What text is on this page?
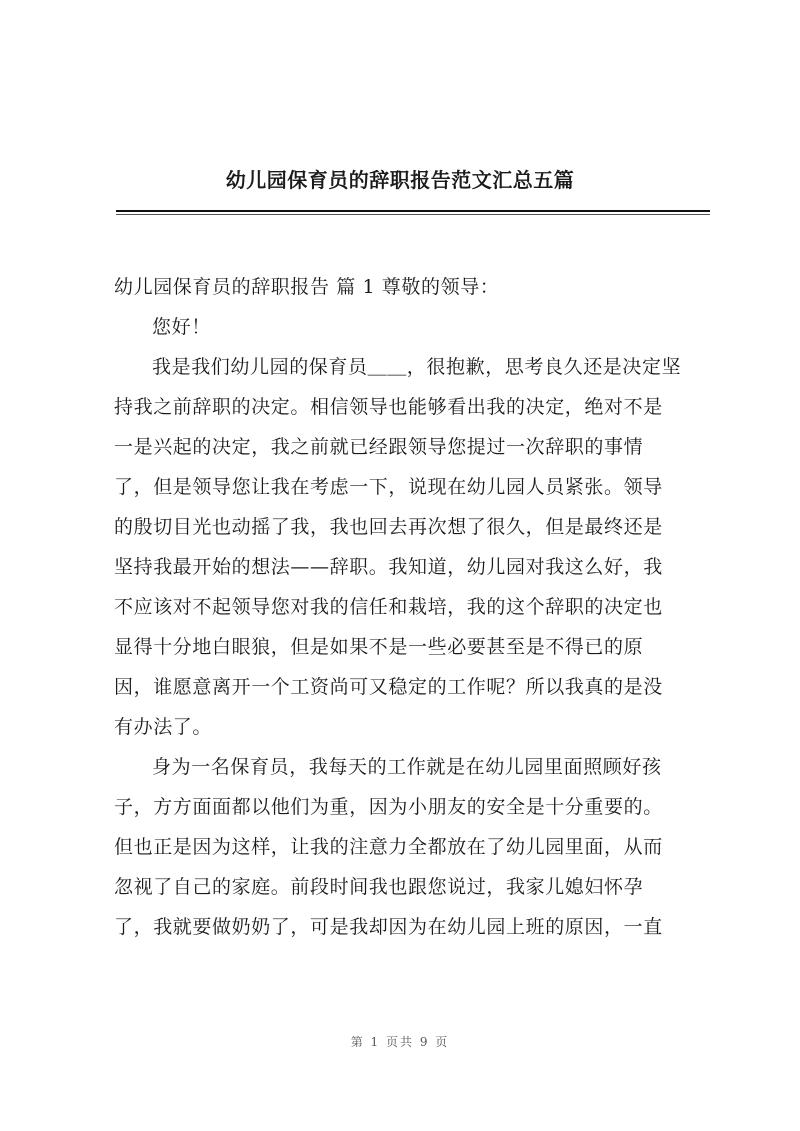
幼儿园保育员的辞职报告范文汇总五篇
幼儿园保育员的辞职报告 篇 1 尊敬的领导：
您好！
我是我们幼儿园的保育员＿＿，很抱歉，思考良久还是决定坚
持我之前辞职的决定。相信领导也能够看出我的决定，绝对不是
一是兴起的决定，我之前就已经跟领导您提过一次辞职的事情
了，但是领导您让我在考虑一下，说现在幼儿园人员紧张。领导
的殷切目光也动摇了我，我也回去再次想了很久，但是最终还是
坚持我最开始的想法——辞职。我知道，幼儿园对我这么好，我
不应该对不起领导您对我的信任和栽培，我的这个辞职的决定也
显得十分地白眼狼，但是如果不是一些必要甚至是不得已的原
因，谁愿意离开一个工资尚可又稳定的工作呢？所以我真的是没
有办法了。
身为一名保育员，我每天的工作就是在幼儿园里面照顾好孩
子，方方面面都以他们为重，因为小朋友的安全是十分重要的。
但也正是因为这样，让我的注意力全都放在了幼儿园里面，从而
忽视了自己的家庭。前段时间我也跟您说过，我家儿媳妇怀孕
了，我就要做奶奶了，可是我却因为在幼儿园上班的原因，一直
第 1 页共 9 页
